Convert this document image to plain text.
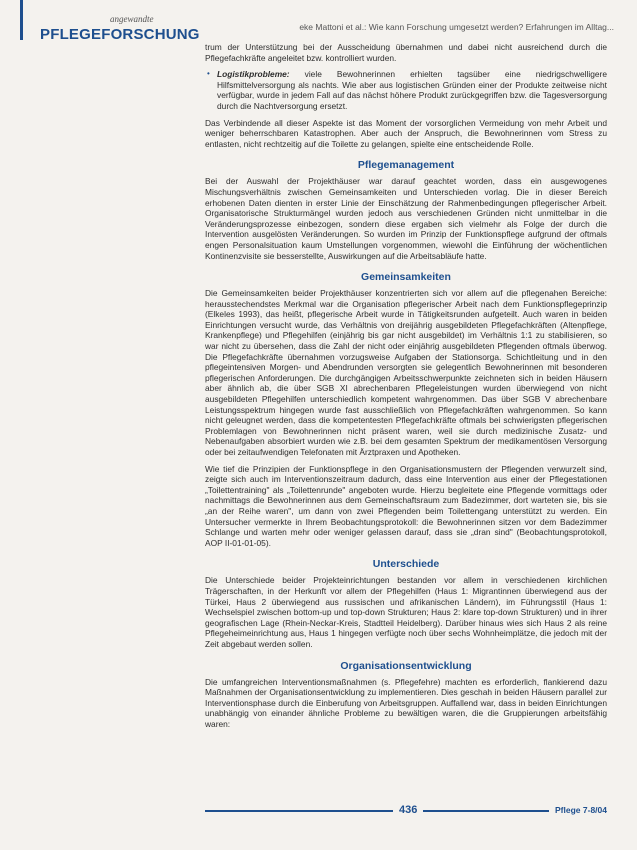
angewandte
PFLEGEFORSCHUNG	eke Mattoni et al.: Wie kann Forschung umgesetzt werden? Erfahrungen im Alltag...

trum der Unterstützung bei der Ausscheidung übernahmen und dabei nicht ausreichend durch die Pflegefachkräfte angeleitet bzw. kontrolliert wurden.

• Logistikprobleme: viele Bewohnerinnen erhielten tagsüber eine niedrigschwelligere Hilfsmittelversorgung als nachts. Wie aber aus logistischen Gründen einer der Produkte zeitweise nicht verfügbar, wurde in jedem Fall auf das nächst höhere Produkt zurückgegriffen bzw. die Tagesversorgung durch die Nachtversorgung ersetzt.

Das Verbindende all dieser Aspekte ist das Moment der vorsorglichen Vermeidung von mehr Arbeit und weniger beherrschbaren Katastrophen. Aber auch der Anspruch, die Bewohnerinnen vom Stress zu entlasten, nicht rechtzeitig auf die Toilette zu gelangen, spielte eine entscheidende Rolle.

Pflegemanagement

Bei der Auswahl der Projekthäuser war darauf geachtet worden, dass ein ausgewogenes Mischungsverhältnis zwischen Gemeinsamkeiten und Unterschieden vorlag. Die in dieser Bereich erhobenen Daten dienten in erster Linie der Einschätzung der Rahmenbedingungen pflegerischer Arbeit. Organisatorische Strukturmängel wurden jedoch aus verschiedenen Gründen nicht unmittelbar in die Veränderungsprozesse einbezogen, sondern diese ergaben sich vielmehr als Folge der durch die Intervention ausgelösten Veränderungen. So wurden im Prinzip der Funktionspflege aufgrund der oftmals engen Personalsituation kaum Umstellungen vorgenommen, wiewohl die Einführung der wöchentlichen Kontinenzvisite sie besserstellte, Auswirkungen auf die Arbeitsabläufe hatte.

Gemeinsamkeiten

Die Gemeinsamkeiten beider Projekthäuser konzentrierten sich vor allem auf die pflegenahen Bereiche: herausstechendstes Merkmal war die Organisation pflegerischer Arbeit nach dem Funktionspflegeprinzip (Elkeles 1993), das heißt, pflegerische Arbeit wurde in Tätigkeitsrunden aufgeteilt. Auch waren in beiden Einrichtungen versucht wurde, das Verhältnis von dreijährig ausgebildeten Pflegefachkräften (Altenpflege, Krankenpflege) und Pflegehilfen (einjährig bis gar nicht ausgebildet) im Verhältnis 1:1 zu stabilisieren, so war nicht zu übersehen, dass die Zahl der nicht oder einjährig ausgebildeten Pflegenden oftmals überwog. Die Pflegefachkräfte übernahmen vorzugsweise Aufgaben der Stationsorga. Schichtleitung und in den pflegeintensiven Morgen- und Abendrunden versorgten sie gelegentlich Bewohnerinnen mit besonderen pflegerischen Anforderungen. Die durchgängigen Arbeitsschwerpunkte zeichneten sich in beiden Häusern aber ähnlich ab, die über SGB XI abrechenbaren Pflegeleistungen wurden überwiegend von nicht ausgebildeten Pflegehilfen unterschiedlich kompetent wahrgenommen. Das über SGB V abrechenbare Leistungsspektrum hingegen wurde fast ausschließlich von Pflegefachkräften wahrgenommen. So kann nicht geleugnet werden, dass die kompetentesten Pflegefachkräfte oftmals bei schwierigsten pflegerischen Problemlagen von Bewohnerinnen nicht präsent waren, weil sie durch medizinische Zusatz- und Nebenaufgaben absorbiert wurden wie z.B. bei dem gesamten Spektrum der medikamentösen Versorgung oder bei zeitaufwendigen Telefonaten mit Ärztpraxen und Apotheken.

Wie tief die Prinzipien der Funktionspflege in den Organisationsmustern der Pflegenden verwurzelt sind, zeigte sich auch im Interventionszeitraum dadurch, dass eine Intervention aus einer der Pflegestationen „Toilettentraining" als „Toilettenrunde" angeboten wurde. Hierzu begleitete eine Pflegende vormittags oder nachmittags die Bewohnerinnen aus dem Gemeinschaftsraum zum Badezimmer, dort warteten sie, bis sie „an der Reihe waren", um dann von zwei Pflegenden beim Toilettengang unterstützt zu werden. Ein Untersucher vermerkte in Ihrem Beobachtungsprotokoll: die Bewohnerinnen sitzen vor dem Badezimmer Schlange und warten mehr oder weniger gelassen darauf, dass sie „dran sind" (Beobachtungsprotokoll, AOP II-01-01-05).

Unterschiede

Die Unterschiede beider Projekteinrichtungen bestanden vor allem in verschiedenen kirchlichen Trägerschaften, in der Herkunft vor allem der Pflegehilfen (Haus 1: Migrantinnen überwiegend aus der Türkei, Haus 2 überwiegend aus russischen und afrikanischen Ländern), im Führungsstil (Haus 1: Wechselspiel zwischen bottom-up und top-down Strukturen; Haus 2: klare top-down Strukturen) und in ihrer geografischen Lage (Rhein-Neckar-Kreis, Stadtteil Heidelberg). Darüber hinaus wies sich Haus 2 als reine Pflegeheimeinrichtung aus, Haus 1 hingegen verfügte noch über sechs Wohnheimplätze, die jedoch mit der Zeit abgebaut werden sollen.

Organisationsentwicklung

Die umfangreichen Interventionsmaßnahmen (s. Pflegefehre) machten es erforderlich, flankierend dazu Maßnahmen der Organisationsentwicklung zu implementieren. Dies geschah in beiden Häusern parallel zur Interventionsphase durch die Einberufung von Arbeitsgruppen. Auffallend war, dass in beiden Einrichtungen unabhängig von einander ähnliche Probleme zu bewältigen waren, die die Gruppierungen arbeitsfähig waren:

436	Pflege 7-8/04
